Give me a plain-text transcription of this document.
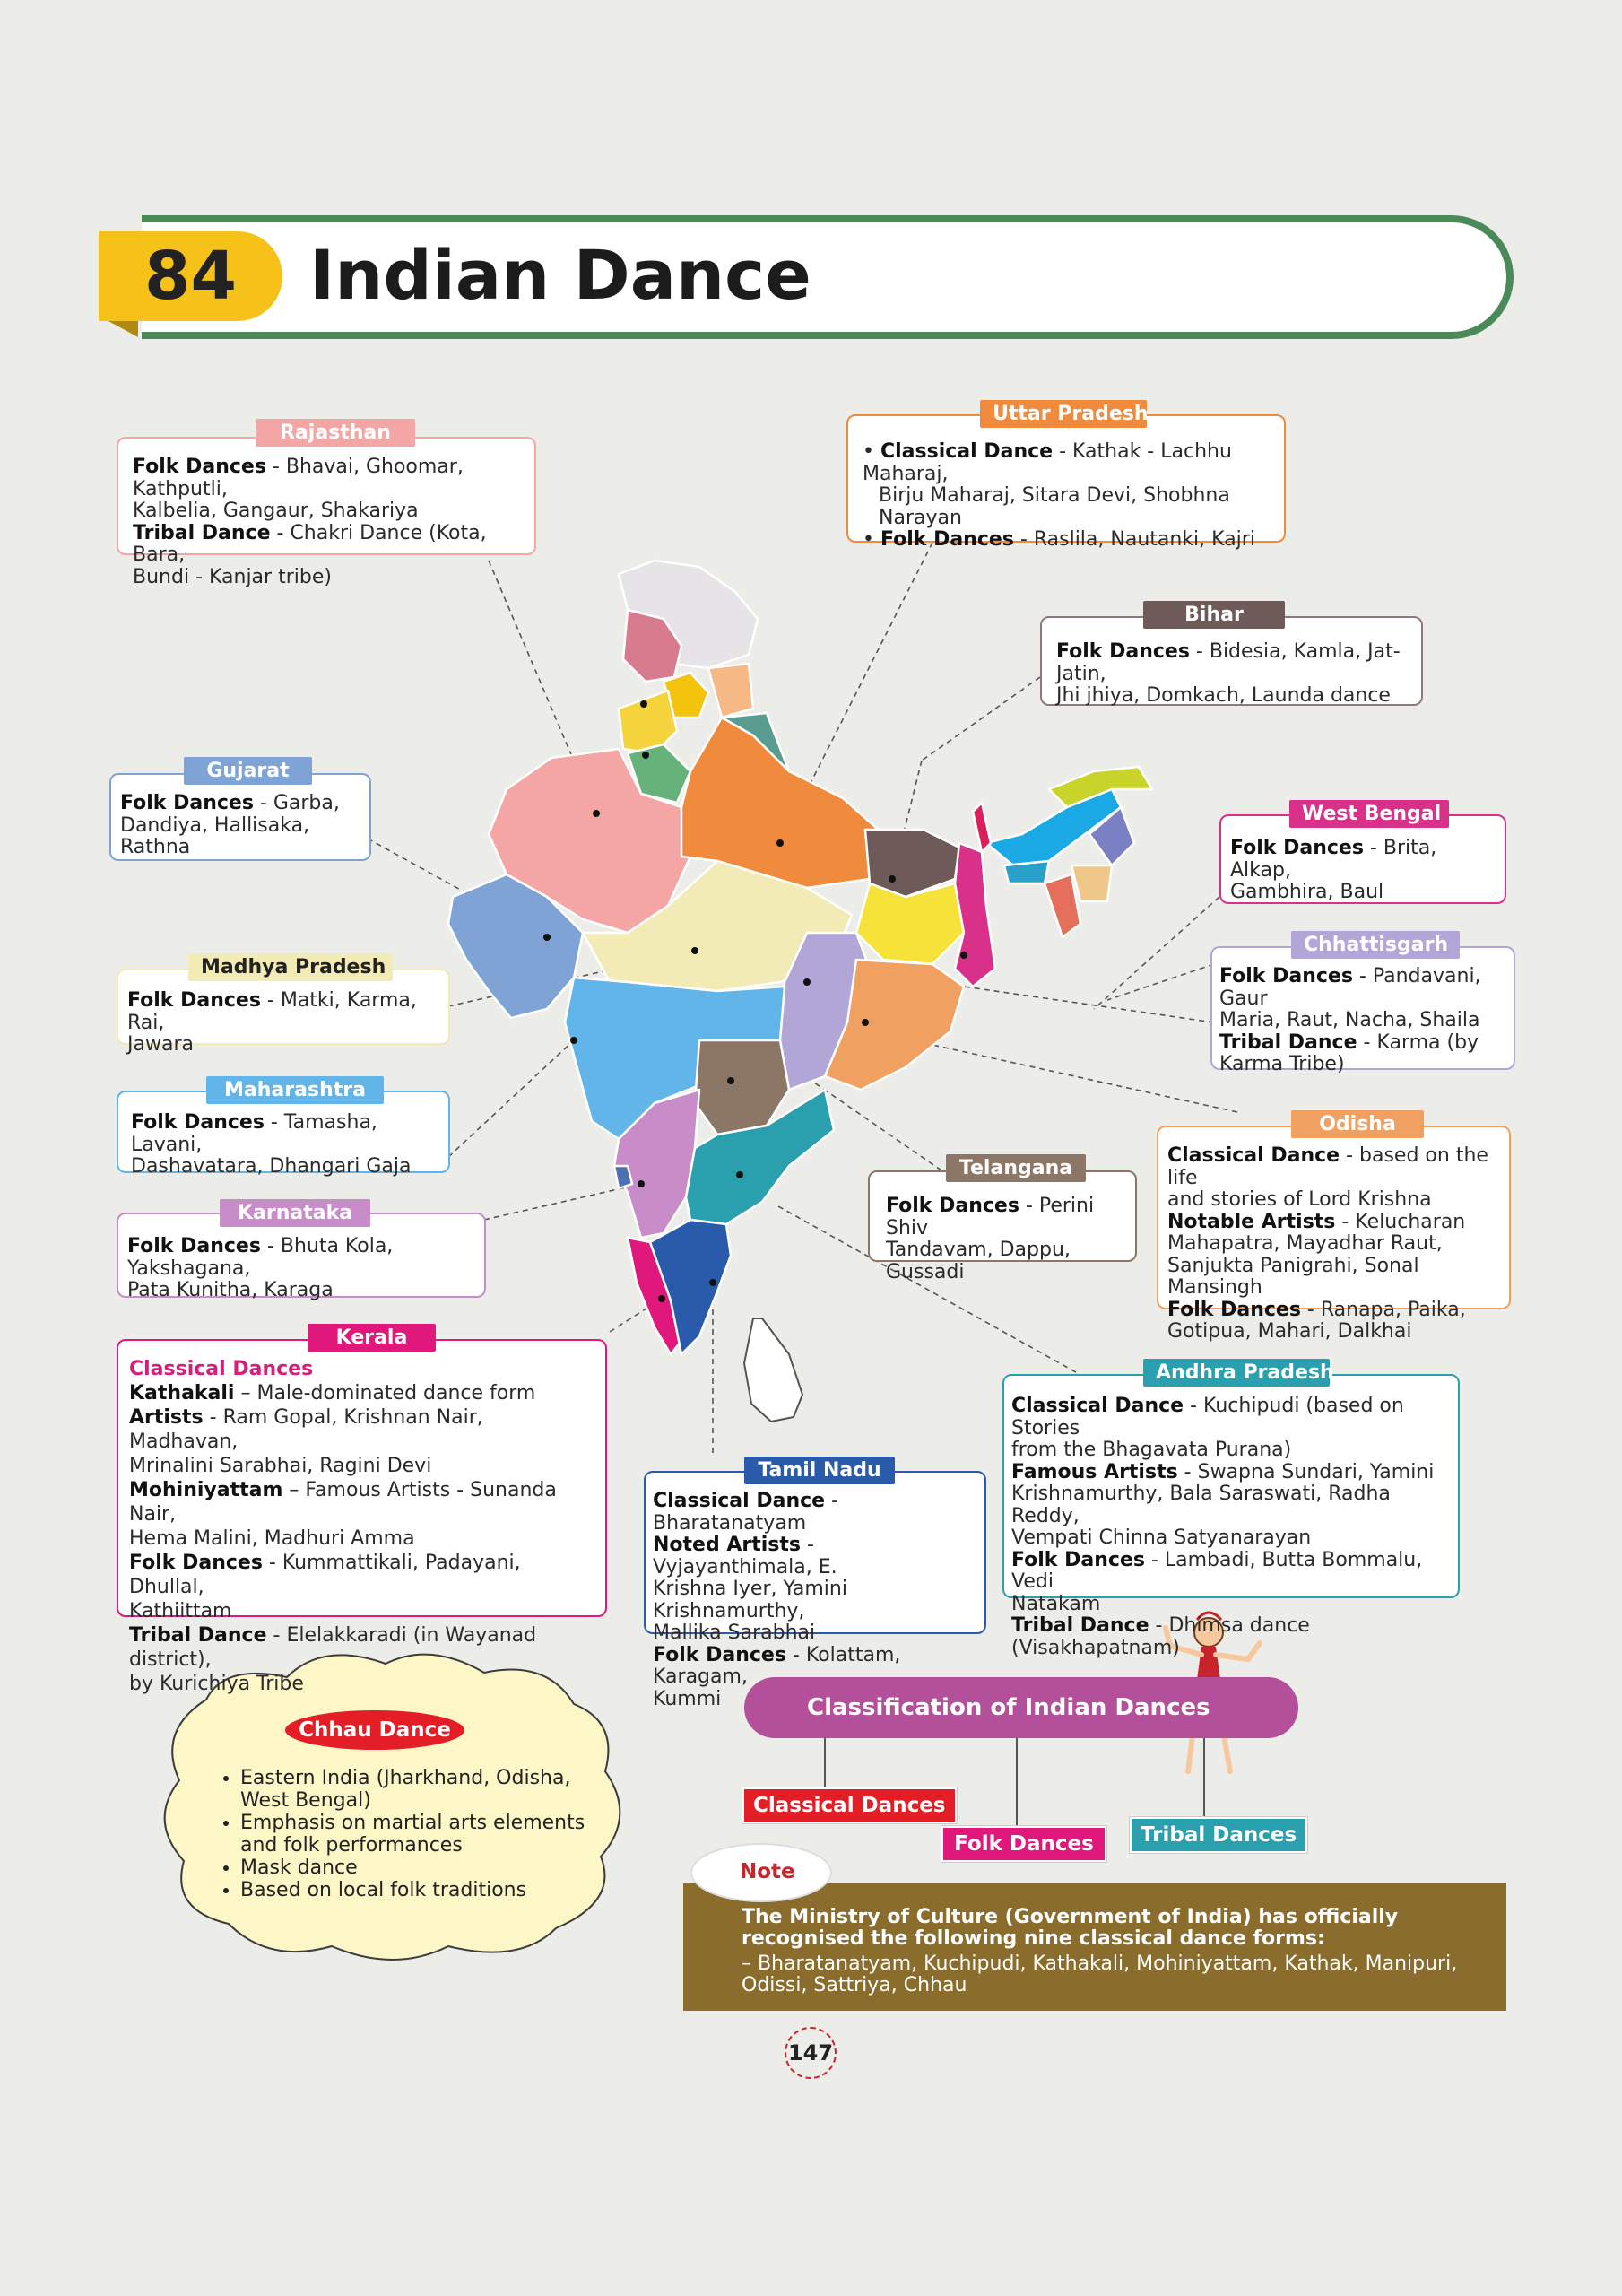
84	Indian Dance

Folk Dances - Bhavai, Ghoomar, Kathputli,

Kalbelia, Gangaur, Shakariya

Tribal Dance - Chakri Dance (Kota, Bara,

Bundi - Kanjar tribe)

Rajasthan

• Classical Dance - Kathak - Lachhu Maharaj,

Birju Maharaj, Sitara Devi, Shobhna Narayan

• Folk Dances - Raslila, Nautanki, Kajri

Uttar Pradesh

Folk Dances - Bidesia, Kamla, Jat-Jatin,

Jhi jhiya, Domkach, Launda dance

Bihar

Folk Dances - Garba,

Dandiya, Hallisaka, Rathna

Gujarat

Folk Dances - Brita, Alkap,

Gambhira, Baul

West Bengal

Folk Dances - Matki, Karma, Rai,

Jawara

Madhya Pradesh	Folk Dances - Pandavani, Gaur

Maria, Raut, Nacha, Shaila

Tribal Dance - Karma (by

Karma Tribe)

Chhattisgarh

Folk Dances - Tamasha, Lavani,

Dashavatara, Dhangari Gaja

Maharashtra

Classical Dance - based on the life

and stories of Lord Krishna

Notable Artists - Kelucharan

Mahapatra, Mayadhar Raut,

Sanjukta Panigrahi, Sonal Mansingh

Folk Dances - Ranapa, Paika,

Gotipua, Mahari, Dalkhai

Odisha

Folk Dances - Perini Shiv

Tandavam, Dappu, Gussadi

Telangana

Folk Dances - Bhuta Kola, Yakshagana,

Pata Kunitha, Karaga

Karnataka
Classical Dances

Kathakali – Male-dominated dance form

Artists - Ram Gopal, Krishnan Nair, Madhavan,

Mrinalini Sarabhai, Ragini Devi

Mohiniyattam – Famous Artists - Sunanda Nair,

Hema Malini, Madhuri Amma

Folk Dances - Kummattikali, Padayani, Dhullal,

Kathiittam

Tribal Dance - Elelakkaradi (in Wayanad district),

by Kurichiya Tribe

Kerala

Classical Dance - Bharatanatyam

Noted Artists - Vyjayanthimala, E.

Krishna Iyer, Yamini Krishnamurthy,

Mallika Sarabhai

Folk Dances - Kolattam, Karagam,

Kummi

Tamil Nadu

Classical Dance - Kuchipudi (based on Stories

from the Bhagavata Purana)

Famous Artists - Swapna Sundari, Yamini

Krishnamurthy, Bala Saraswati, Radha Reddy,

Vempati Chinna Satyanarayan

Folk Dances - Lambadi, Butta Bommalu, Vedi

Natakam

Tribal Dance - Dhimsa dance (Visakhapatnam)

Andhra Pradesh
Chhau Dance
• Eastern India (Jharkhand, Odisha, West Bengal)
• Emphasis on martial arts elements and folk performances
• Mask dance
• Based on local folk traditions
Classification of Indian Dances
Classical Dances
Folk Dances	Tribal Dances
The Ministry of Culture (Government of India) has officially recognised the following nine classical dance forms:
– Bharatanatyam, Kuchipudi, Kathakali, Mohiniyattam, Kathak, Manipuri, Odissi, Sattriya, Chhau
Note
147
